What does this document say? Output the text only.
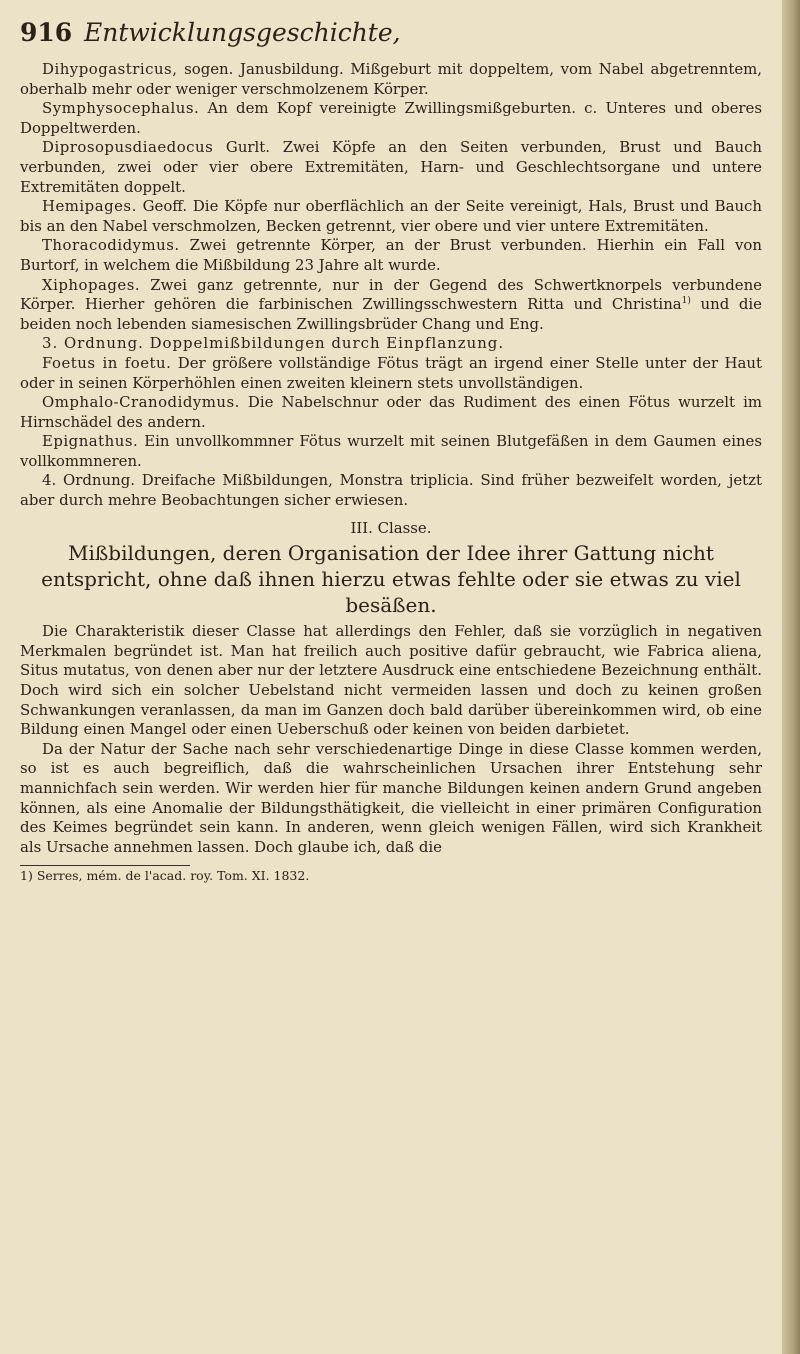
916 Entwicklungsgeschichte,

Dihypogastricus, sogen. Janusbildung. Mißgeburt mit doppeltem, vom Nabel abgetrenntem, oberhalb mehr oder weniger verschmolzenem Körper.

Symphysocephalus. An dem Kopf vereinigte Zwillingsmißgeburten. c. Unteres und oberes Doppeltwerden.

Diprosopusdiaedocus Gurlt. Zwei Köpfe an den Seiten verbunden, Brust und Bauch verbunden, zwei oder vier obere Extremitäten, Harn- und Geschlechtsorgane und untere Extremitäten doppelt.

Hemipages. Geoff. Die Köpfe nur oberflächlich an der Seite vereinigt, Hals, Brust und Bauch bis an den Nabel verschmolzen, Becken getrennt, vier obere und vier untere Extremitäten.

Thoracodidymus. Zwei getrennte Körper, an der Brust verbunden. Hierhin ein Fall von Burtorf, in welchem die Mißbildung 23 Jahre alt wurde.

Xiphopages. Zwei ganz getrennte, nur in der Gegend des Schwertknorpels verbundene Körper. Hierher gehören die farbinischen Zwillingsschwestern Ritta und Christina$^{1)}$ und die beiden noch lebenden siamesischen Zwillingsbrüder Chang und Eng.

3. Ordnung. Doppelmißbildungen durch Einpflanzung.

Foetus in foetu. Der größere vollständige Fötus trägt an irgend einer Stelle unter der Haut oder in seinen Körperhöhlen einen zweiten kleinern stets unvollständigen.

Omphalo-Cranodidymus. Die Nabelschnur oder das Rudiment des einen Fötus wurzelt im Hirnschädel des andern.

Epignathus. Ein unvollkommner Fötus wurzelt mit seinen Blutgefäßen in dem Gaumen eines vollkommneren.

4. Ordnung. Dreifache Mißbildungen, Monstra triplicia. Sind früher bezweifelt worden, jetzt aber durch mehre Beobachtungen sicher erwiesen.

III. Classe.

Mißbildungen, deren Organisation der Idee ihrer Gattung nicht entspricht, ohne daß ihnen hierzu etwas fehlte oder sie etwas zu viel besäßen.

Die Charakteristik dieser Classe hat allerdings den Fehler, daß sie vorzüglich in negativen Merkmalen begründet ist. Man hat freilich auch positive dafür gebraucht, wie Fabrica aliena, Situs mutatus, von denen aber nur der letztere Ausdruck eine entschiedene Bezeichnung enthält. Doch wird sich ein solcher Uebelstand nicht vermeiden lassen und doch zu keinen großen Schwankungen veranlassen, da man im Ganzen doch bald darüber übereinkommen wird, ob eine Bildung einen Mangel oder einen Ueberschuß oder keinen von beiden darbietet.

Da der Natur der Sache nach sehr verschiedenartige Dinge in diese Classe kommen werden, so ist es auch begreiflich, daß die wahrscheinlichen Ursachen ihrer Entstehung sehr mannichfach sein werden. Wir werden hier für manche Bildungen keinen andern Grund angeben können, als eine Anomalie der Bildungsthätigkeit, die vielleicht in einer primären Configuration des Keimes begründet sein kann. In anderen, wenn gleich wenigen Fällen, wird sich Krankheit als Ursache annehmen lassen. Doch glaube ich, daß die

1) Serres, mém. de l'acad. roy. Tom. XI. 1832.
